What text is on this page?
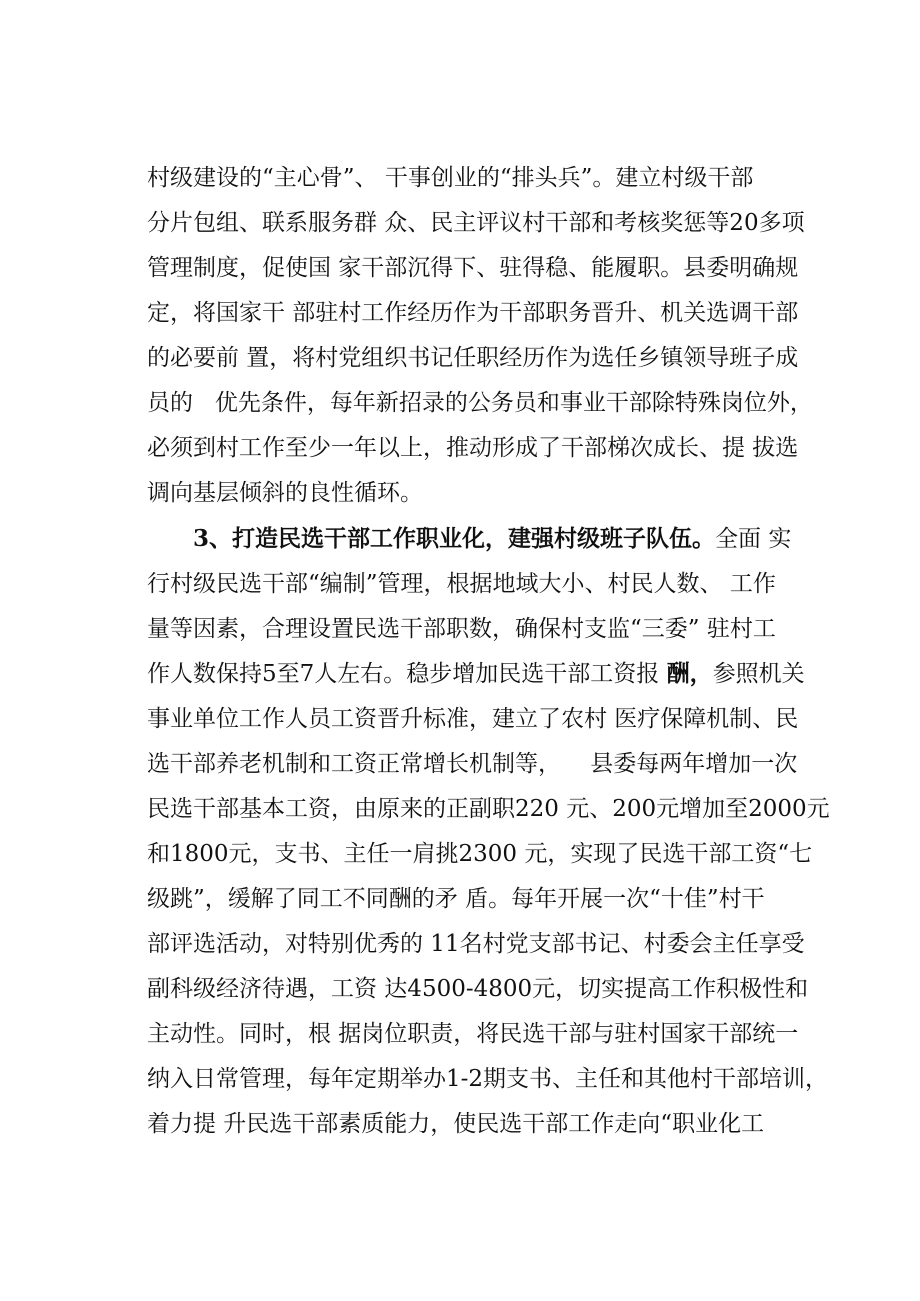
村级建设的“主心骨”、 干事创业的“排头兵”。建立村级干部

分片包组、联系服务群 众、民主评议村干部和考核奖惩等20多项

管理制度，促使国 家干部沉得下、驻得稳、能履职。县委明确规

定，将国家干 部驻村工作经历作为干部职务晋升、机关选调干部

的必要前 置，将村党组织书记任职经历作为选任乡镇领导班子成

员的   优先条件，每年新招录的公务员和事业干部除特殊岗位外，

必须到村工作至少一年以上，推动形成了干部梯次成长、提 拔选

调向基层倾斜的良性循环。

3、打造民选干部工作职业化，建强村级班子队伍。全面 实

行村级民选干部“编制”管理，根据地域大小、村民人数、 工作

量等因素，合理设置民选干部职数，确保村支监“三委” 驻村工

作人数保持5至7人左右。稳步增加民选干部工资报 酬，参照机关

事业单位工作人员工资晋升标准，建立了农村 医疗保障机制、民

选干部养老机制和工资正常增长机制等，    县委每两年增加一次

民选干部基本工资，由原来的正副职220 元、200元增加至2000元

和1800元，支书、主任一肩挑2300 元，实现了民选干部工资“七

级跳”，缓解了同工不同酬的矛 盾。每年开展一次“十佳”村干

部评选活动，对特别优秀的 11名村党支部书记、村委会主任享受

副科级经济待遇，工资 达4500-4800元，切实提高工作积极性和

主动性。同时，根 据岗位职责，将民选干部与驻村国家干部统一

纳入日常管理，每年定期举办1-2期支书、主任和其他村干部培训，

着力提 升民选干部素质能力，使民选干部工作走向“职业化工
